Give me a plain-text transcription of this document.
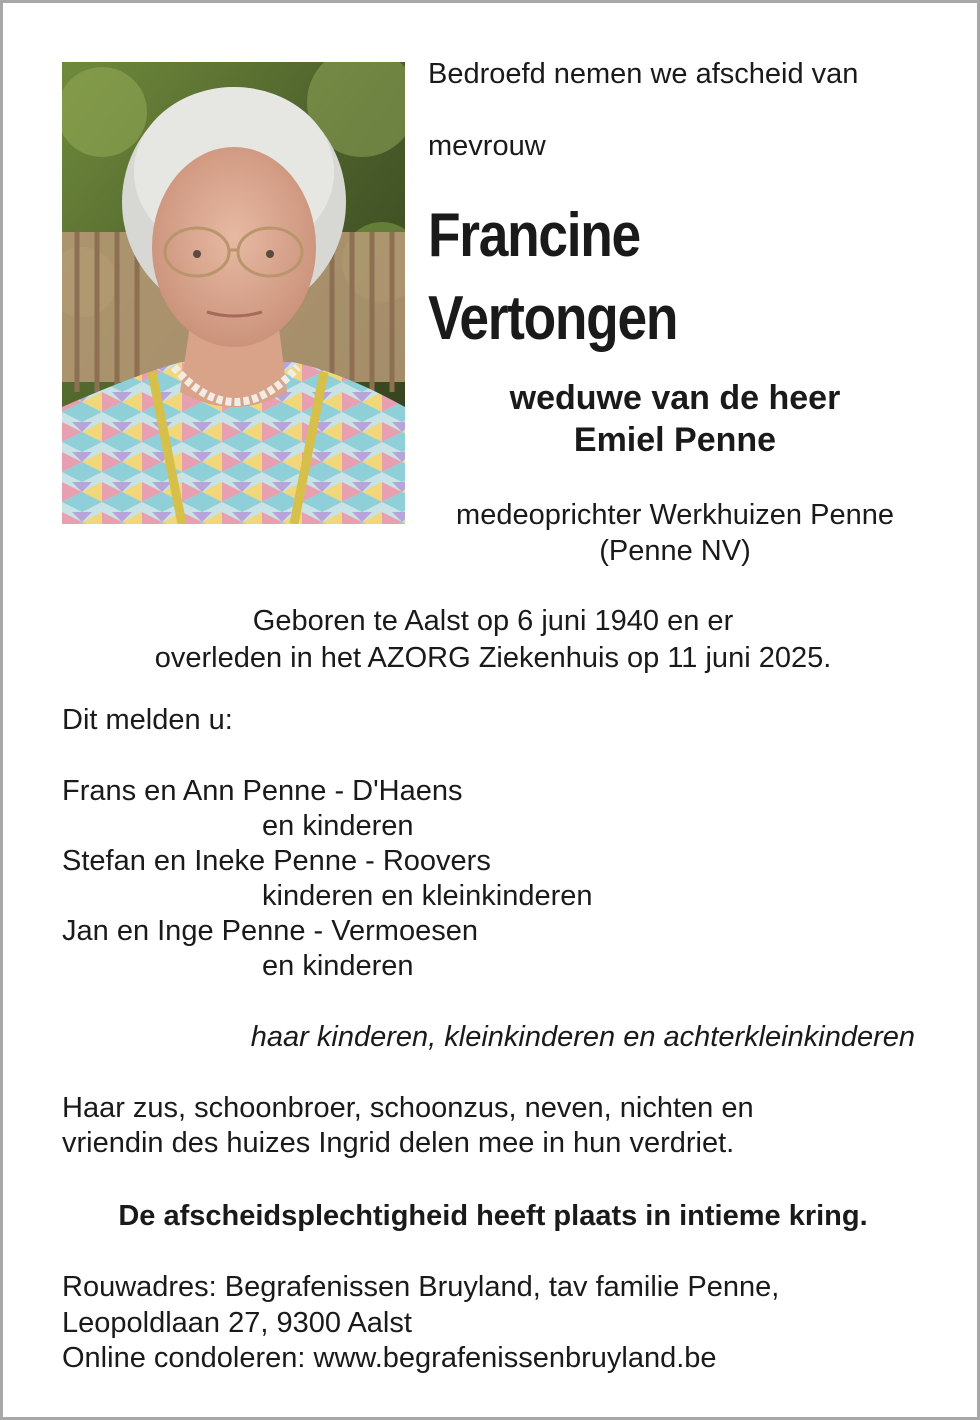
Bedroefd nemen we afscheid van

mevrouw

Francine

Vertongen

weduwe van de heer
Emiel Penne
medeoprichter Werkhuizen Penne
(Penne NV)
Geboren te Aalst op 6 juni 1940 en er
overleden in het AZORG Ziekenhuis op 11 juni 2025.

Dit melden u:

Frans en Ann Penne - D'Haens

en kinderen

Stefan en Ineke Penne - Roovers

kinderen en kleinkinderen

Jan en Inge Penne - Vermoesen

en kinderen

haar kinderen, kleinkinderen en achterkleinkinderen

Haar zus, schoonbroer, schoonzus, neven, nichten en

vriendin des huizes Ingrid delen mee in hun verdriet.

De afscheidsplechtigheid heeft plaats in intieme kring.

Rouwadres: Begrafenissen Bruyland, tav familie Penne,

Leopoldlaan 27, 9300 Aalst

Online condoleren: www.begrafenissenbruyland.be
